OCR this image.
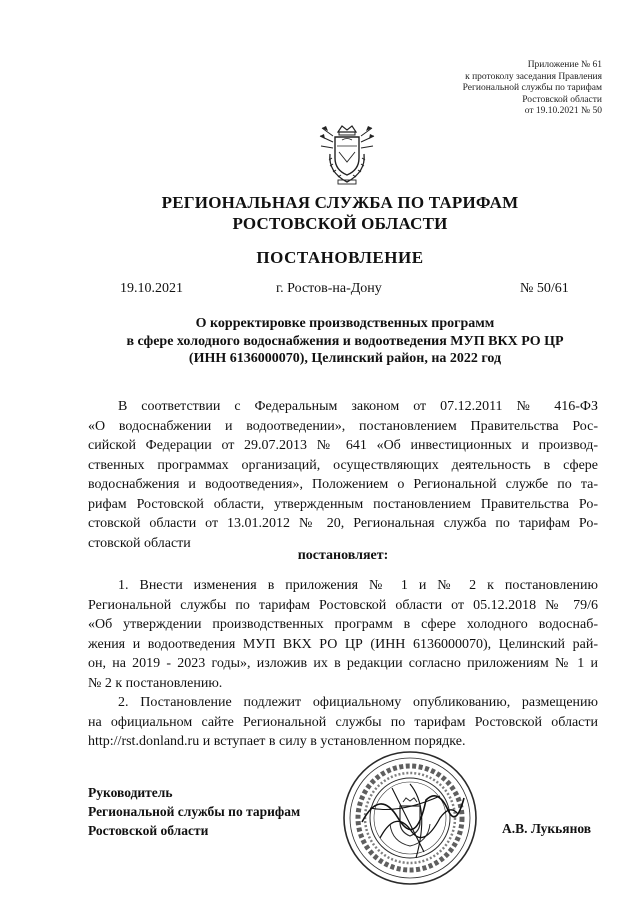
Приложение № 61
к протоколу заседания Правления
Региональной службы по тарифам
Ростовской области
от 19.10.2021 № 50
РЕГИОНАЛЬНАЯ СЛУЖБА ПО ТАРИФАМ
РОСТОВСКОЙ ОБЛАСТИ
ПОСТАНОВЛЕНИЕ
19.10.2021	г. Ростов-на-Дону	№ 50/61
О корректировке производственных программ
в сфере холодного водоснабжения и водоотведения МУП ВКХ РО ЦР
(ИНН 6136000070), Целинский район, на 2022 год
В соответствии с Федеральным законом от 07.12.2011 № 416-ФЗ
«О водоснабжении и водоотведении», постановлением Правительства Рос-
сийской Федерации от 29.07.2013 № 641 «Об инвестиционных и производ-
ственных программах организаций, осуществляющих деятельность в сфере
водоснабжения и водоотведения», Положением о Региональной службе по та-
рифам Ростовской области, утвержденным постановлением Правительства Ро-
стовской области от 13.01.2012 № 20, Региональная служба по тарифам Ро-
стовской области
постановляет:
1. Внести изменения в приложения № 1 и № 2 к постановлению
Региональной службы по тарифам Ростовской области от 05.12.2018 № 79/6
«Об утверждении производственных программ в сфере холодного водоснаб-
жения и водоотведения МУП ВКХ РО ЦР (ИНН 6136000070), Целинский рай-
он, на 2019 - 2023 годы», изложив их в редакции согласно приложениям № 1 и
№ 2 к постановлению.
2. Постановление подлежит официальному опубликованию, размещению
на официальном сайте Региональной службы по тарифам Ростовской области
http://rst.donland.ru и вступает в силу в установленном порядке.
Руководитель
Региональной службы по тарифам
Ростовской области	А.В. Лукьянов
